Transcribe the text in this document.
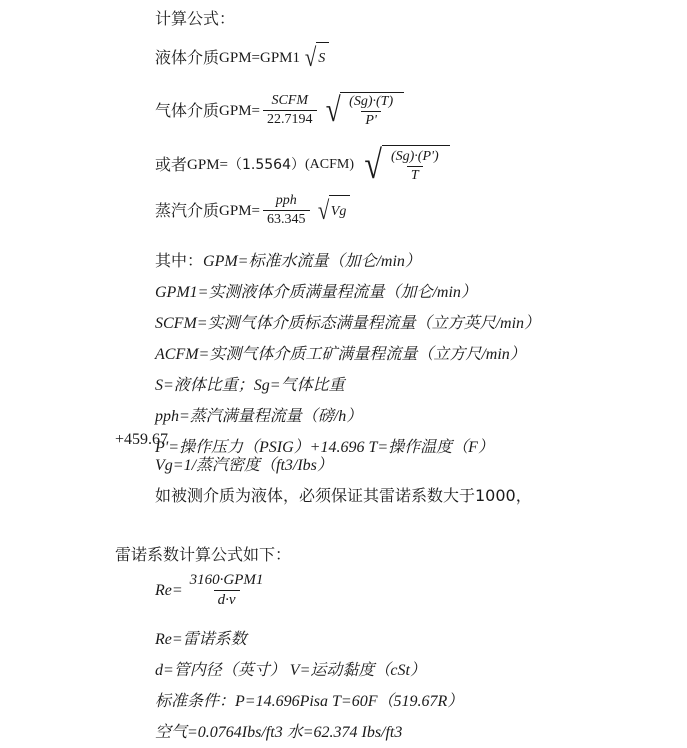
计算公式：
液体介质 GPM= GPM1 √ S
气体介质 $GPM= \frac{\text{SCFM}}{22.7194}$ √ $\frac{(Sg)\cdot(T)}{P'}$
或者 GPM= （1.5564） (ACFM) √ $\frac{(Sg)\cdot(P')}{T}$
蒸汽介质 $GPM= \frac{\text{pph}}{63.345}$ √ Vg
其中：GPM=标准水流量（加仑/min）
GPM1=实测液体介质满量程流量（加仑/min）
SCFM=实测气体介质标态满量程流量（立方英尺/min）
ACFM=实测气体介质工矿满量程流量（立方尺/min）
S=液体比重；Sg=气体比重
pph=蒸汽满量程流量（磅/h）
P'=操作压力（PSIG）+14.696 T=操作温度（F）
+459.67
Vg=1/蒸汽密度（ft3/Ibs）
如被测介质为液体，必须保证其雷诺系数大于1000，
雷诺系数计算公式如下：
$Re= \frac{\text{3160·GPM1}}{d\cdot v}$
Re=雷诺系数
d=管内径（英寸） V=运动黏度（cSt）
标准条件：P=14.696Pisa T=60F（519.67R）
空气=0.0764Ibs/ft3 水=62.374 Ibs/ft3
